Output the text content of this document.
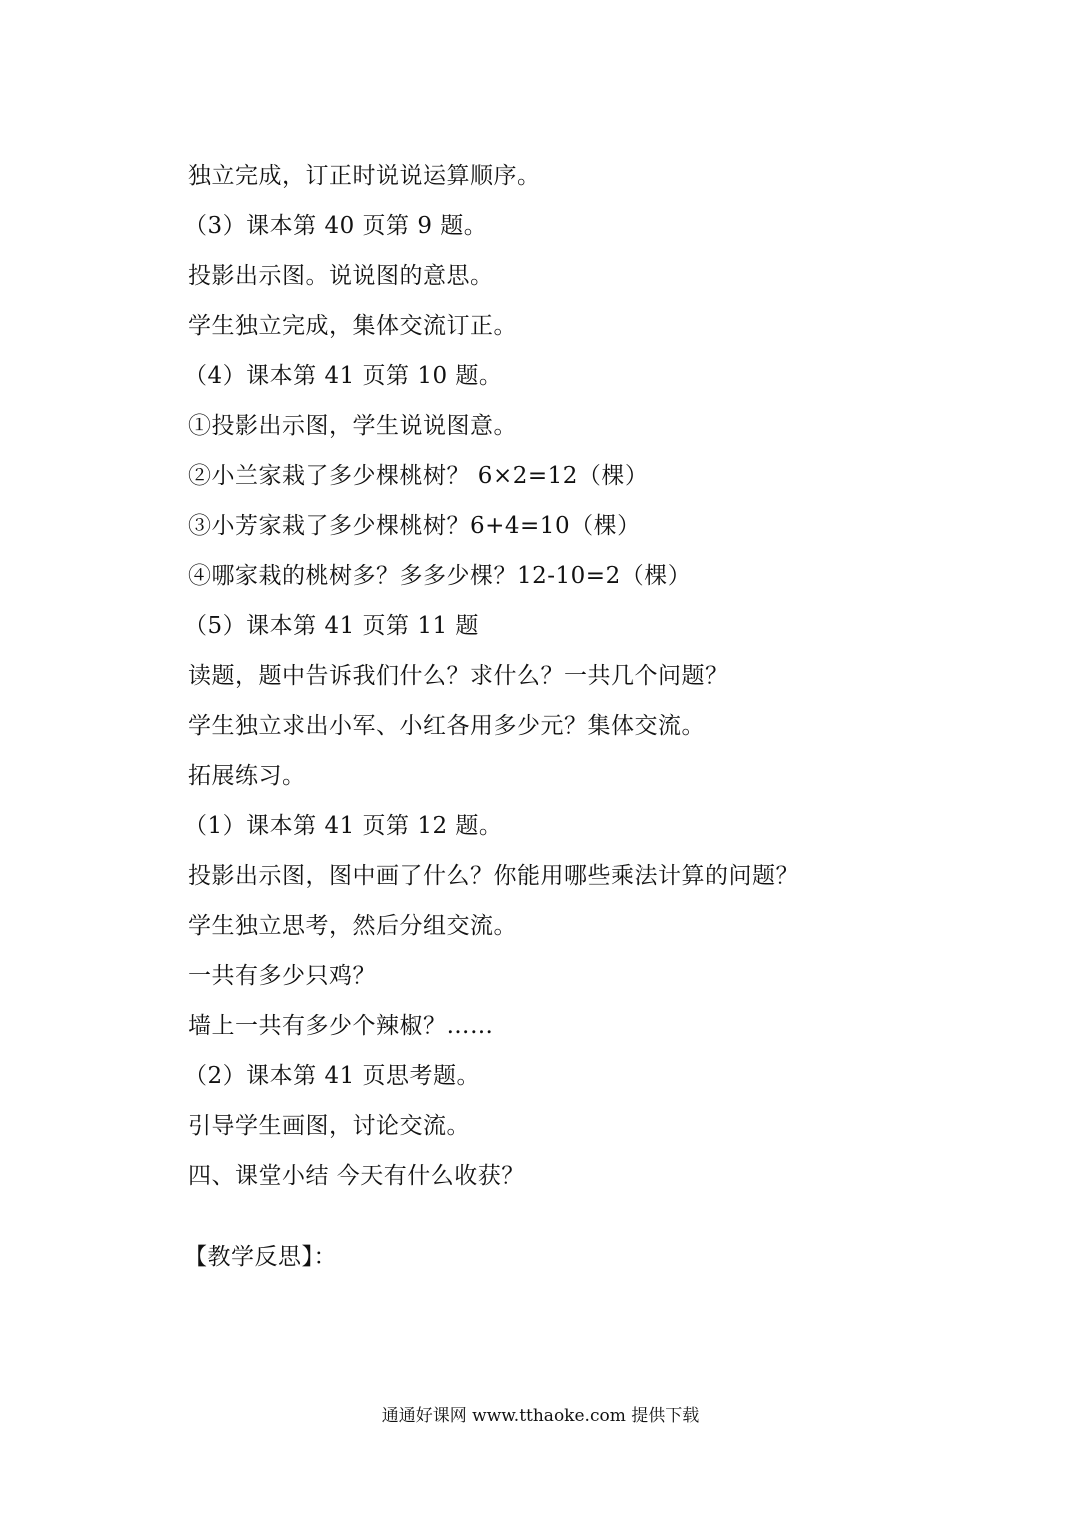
独立完成，订正时说说运算顺序。
（3）课本第 40 页第 9 题。
投影出示图。说说图的意思。
学生独立完成，集体交流订正。
（4）课本第 41 页第 10 题。
①投影出示图，学生说说图意。
②小兰家栽了多少棵桃树？ 6×2=12（棵）
③小芳家栽了多少棵桃树？6+4=10（棵）
④哪家栽的桃树多？多多少棵？12-10=2（棵）
（5）课本第 41 页第 11 题
读题，题中告诉我们什么？求什么？一共几个问题？
学生独立求出小军、小红各用多少元？集体交流。
拓展练习。
（1）课本第 41 页第 12 题。
投影出示图，图中画了什么？你能用哪些乘法计算的问题？
学生独立思考，然后分组交流。
一共有多少只鸡？
墙上一共有多少个辣椒？……
（2）课本第 41 页思考题。
引导学生画图，讨论交流。
四、课堂小结 今天有什么收获？
【教学反思】：
通通好课网 www.tthaoke.com 提供下载
